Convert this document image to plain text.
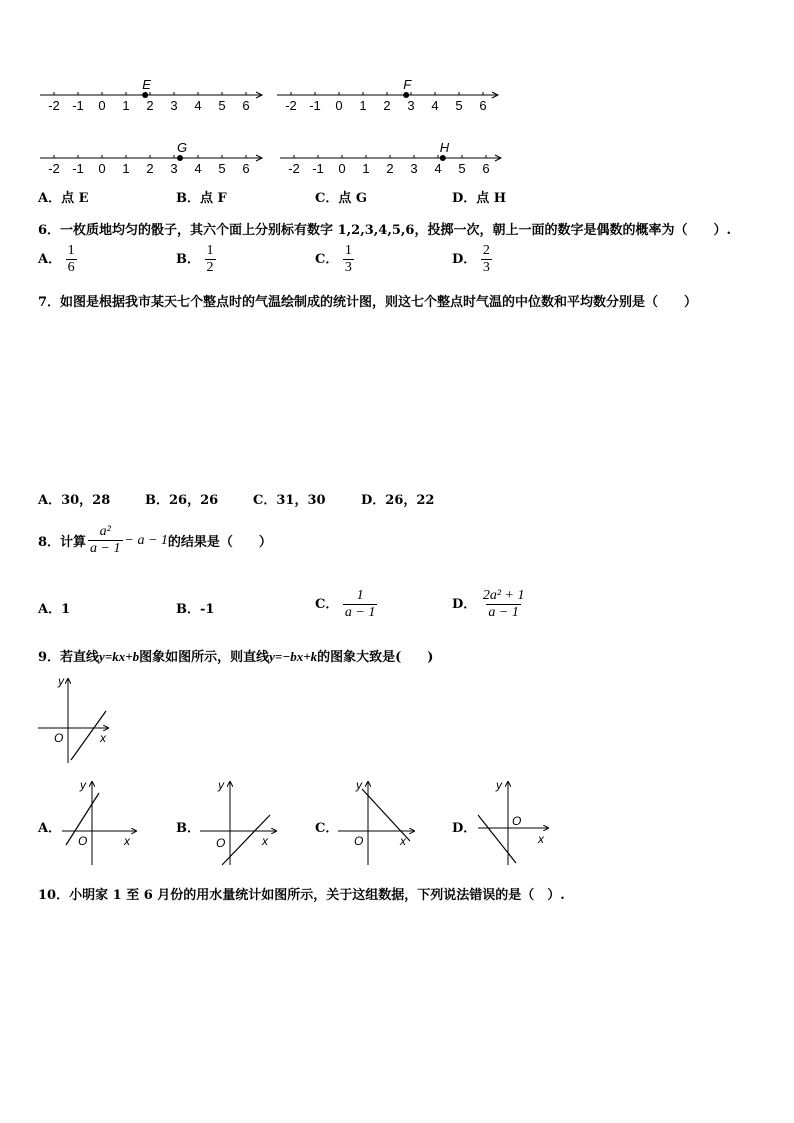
-2 -1 0 1 2 3 4 5 6
E
-2 -1 0 1 2 3 4 5 6
F
-2 -1 0 1 2 3 4 5 6
G
-2 -1 0 1 2 3 4 5 6
H
A．点 E	B．点 F	C．点 G	D．点 H
6．一枚质地均匀的骰子，其六个面上分别标有数字 1,2,3,4,5,6，投掷一次，朝上一面的数字是偶数的概率为（　　）.
A． $\frac{1}{6}$	B． $\frac{1}{2}$	C． $\frac{1}{3}$	D． $\frac{2}{3}$
7．如图是根据我市某天七个整点时的气温绘制成的统计图，则这七个整点时气温的中位数和平均数分别是（　　）
A．30，28	B．26，26	C．31，30	D．26，22
8．计算 $\frac{\text{a²}}{a - 1} - a - 1$ 的结果是（　　）
A．1	B．-1	C． $\frac{1}{a - 1}$	D． $\frac{\text{2a² + 1}}{a - 1}$
9．若直线y=kx+b图象如图所示，则直线y=−bx+k的图象大致是(　　)
y
x
O
y
x
O
y
x
O
y
x
O
y
x
O
A．	B．	C．	D．
10．小明家 1 至 6 月份的用水量统计如图所示，关于这组数据，下列说法错误的是（　）.
